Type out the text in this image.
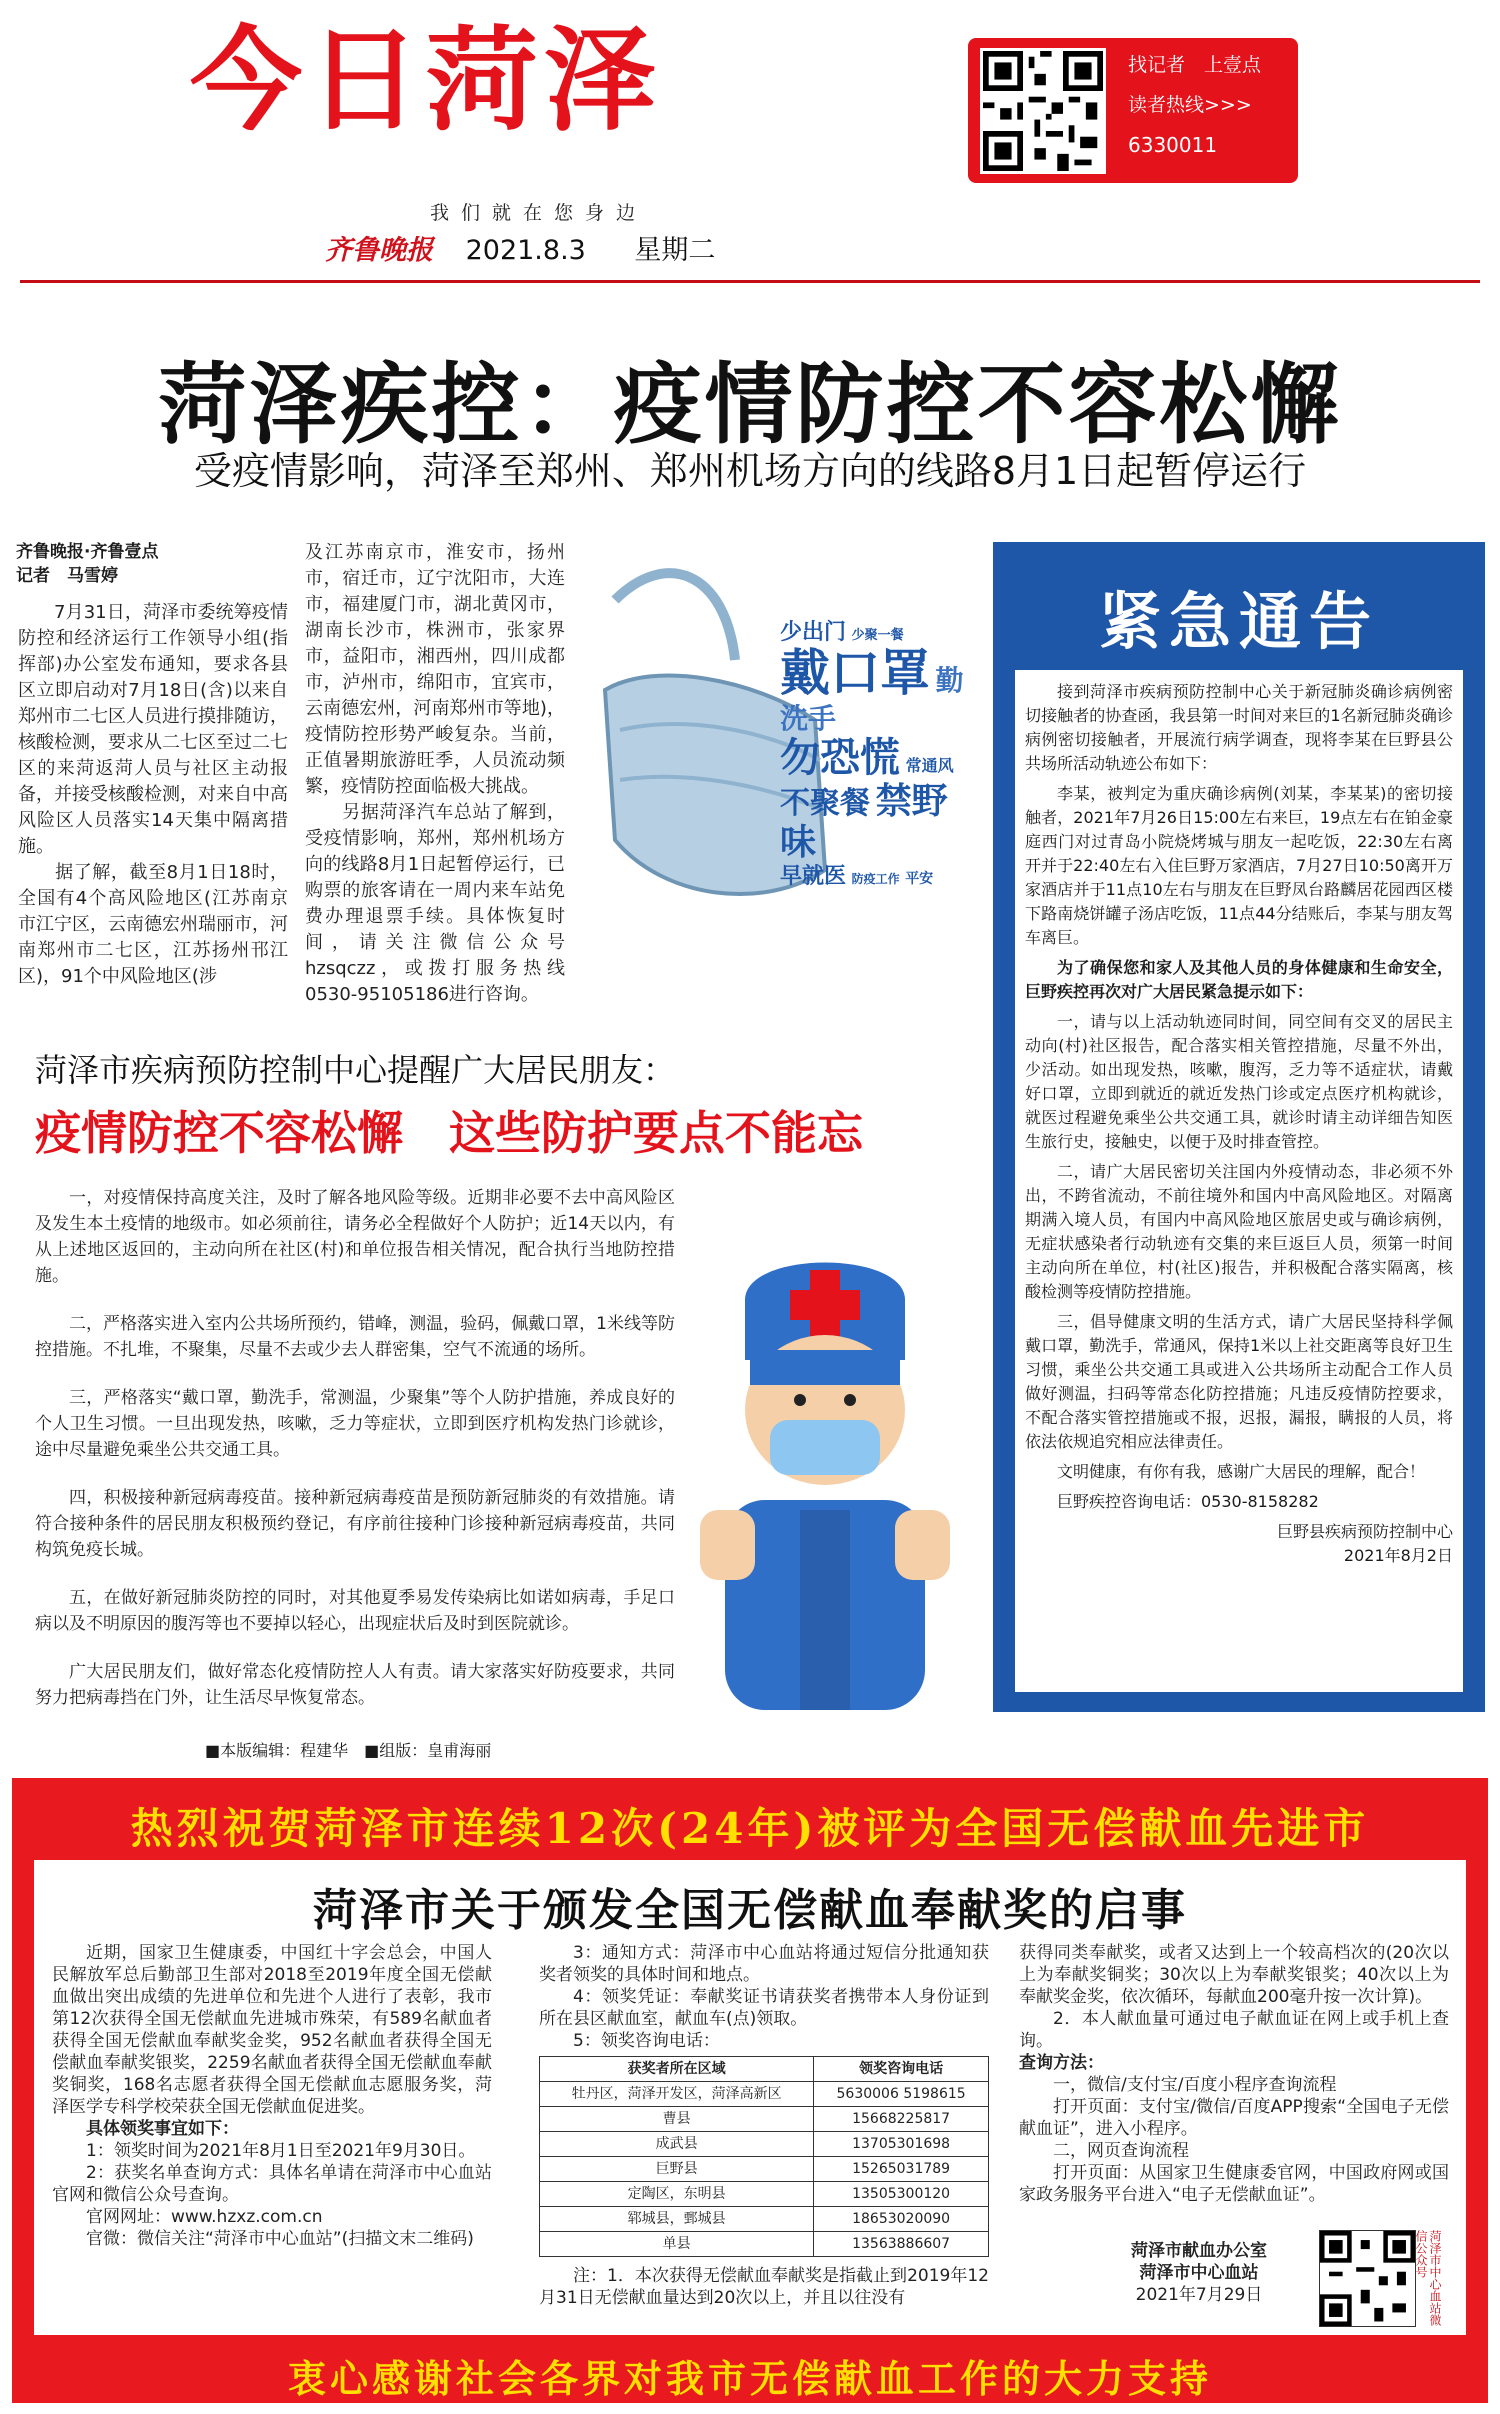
今日菏泽
我们就在您身边
齐鲁晚报 2021.8.3 星期二
找记者　上壹点
读者热线>>>
6330011
菏泽疾控：疫情防控不容松懈
受疫情影响，菏泽至郑州、郑州机场方向的线路8月1日起暂停运行
齐鲁晚报·齐鲁壹点
记者　马雪婷
7月31日，菏泽市委统筹疫情防控和经济运行工作领导小组(指挥部)办公室发布通知，要求各县区立即启动对7月18日(含)以来自郑州市二七区人员进行摸排随访，核酸检测，要求从二七区至过二七区的来菏返菏人员与社区主动报备，并接受核酸检测，对来自中高风险区人员落实14天集中隔离措施。
　　据了解，截至8月1日18时，全国有4个高风险地区(江苏南京市江宁区，云南德宏州瑞丽市，河南郑州市二七区，江苏扬州邗江区)，91个中风险地区(涉
及江苏南京市，淮安市，扬州市，宿迁市，辽宁沈阳市，大连市，福建厦门市，湖北黄冈市，湖南长沙市，株洲市，张家界市，益阳市，湘西州，四川成都市，泸州市，绵阳市，宜宾市，云南德宏州，河南郑州市等地)，疫情防控形势严峻复杂。当前，正值暑期旅游旺季，人员流动频繁，疫情防控面临极大挑战。
　　另据菏泽汽车总站了解到，受疫情影响，郑州，郑州机场方向的线路8月1日起暂停运行，已购票的旅客请在一周内来车站免费办理退票手续。具体恢复时间，请关注微信公众号hzsqczz，或拨打服务热线0530-95105186进行咨询。
少出门 少聚一餐
戴口罩 勤洗手
勿恐慌 常通风
不聚餐 禁野味
早就医 防疫工作 平安
菏泽市疾病预防控制中心提醒广大居民朋友：
疫情防控不容松懈　这些防护要点不能忘

一，对疫情保持高度关注，及时了解各地风险等级。近期非必要不去中高风险区及发生本土疫情的地级市。如必须前往，请务必全程做好个人防护；近14天以内，有从上述地区返回的，主动向所在社区(村)和单位报告相关情况，配合执行当地防控措施。

二，严格落实进入室内公共场所预约，错峰，测温，验码，佩戴口罩，1米线等防控措施。不扎堆，不聚集，尽量不去或少去人群密集，空气不流通的场所。

三，严格落实“戴口罩，勤洗手，常测温，少聚集”等个人防护措施，养成良好的个人卫生习惯。一旦出现发热，咳嗽，乏力等症状，立即到医疗机构发热门诊就诊，途中尽量避免乘坐公共交通工具。

四，积极接种新冠病毒疫苗。接种新冠病毒疫苗是预防新冠肺炎的有效措施。请符合接种条件的居民朋友积极预约登记，有序前往接种门诊接种新冠病毒疫苗，共同构筑免疫长城。

五，在做好新冠肺炎防控的同时，对其他夏季易发传染病比如诺如病毒，手足口病以及不明原因的腹泻等也不要掉以轻心，出现症状后及时到医院就诊。

广大居民朋友们，做好常态化疫情防控人人有责。请大家落实好防疫要求，共同努力把病毒挡在门外，让生活尽早恢复常态。

■本版编辑：程建华　■组版：皇甫海丽
紧急通告

接到菏泽市疾病预防控制中心关于新冠肺炎确诊病例密切接触者的协查函，我县第一时间对来巨的1名新冠肺炎确诊病例密切接触者，开展流行病学调查，现将李某在巨野县公共场所活动轨迹公布如下：

李某，被判定为重庆确诊病例(刘某，李某某)的密切接触者，2021年7月26日15:00左右来巨，19点左右在铂金豪庭西门对过青岛小院烧烤城与朋友一起吃饭，22:30左右离开并于22:40左右入住巨野万家酒店，7月27日10:50离开万家酒店并于11点10左右与朋友在巨野凤台路麟居花园西区楼下路南烧饼罐子汤店吃饭，11点44分结账后，李某与朋友驾车离巨。

为了确保您和家人及其他人员的身体健康和生命安全，巨野疾控再次对广大居民紧急提示如下：

一，请与以上活动轨迹同时间，同空间有交叉的居民主动向(村)社区报告，配合落实相关管控措施，尽量不外出，少活动。如出现发热，咳嗽，腹泻，乏力等不适症状，请戴好口罩，立即到就近的就近发热门诊或定点医疗机构就诊，就医过程避免乘坐公共交通工具，就诊时请主动详细告知医生旅行史，接触史，以便于及时排查管控。

二，请广大居民密切关注国内外疫情动态，非必须不外出，不跨省流动，不前往境外和国内中高风险地区。对隔离期满入境人员，有国内中高风险地区旅居史或与确诊病例，无症状感染者行动轨迹有交集的来巨返巨人员，须第一时间主动向所在单位，村(社区)报告，并积极配合落实隔离，核酸检测等疫情防控措施。

三，倡导健康文明的生活方式，请广大居民坚持科学佩戴口罩，勤洗手，常通风，保持1米以上社交距离等良好卫生习惯，乘坐公共交通工具或进入公共场所主动配合工作人员做好测温，扫码等常态化防控措施；凡违反疫情防控要求，不配合落实管控措施或不报，迟报，漏报，瞒报的人员，将依法依规追究相应法律责任。

文明健康，有你有我，感谢广大居民的理解，配合！

巨野疾控咨询电话：0530-8158282

巨野县疾病预防控制中心
2021年8月2日
热烈祝贺菏泽市连续12次(24年)被评为全国无偿献血先进市
菏泽市关于颁发全国无偿献血奉献奖的启事
近期，国家卫生健康委，中国红十字会总会，中国人民解放军总后勤部卫生部对2018至2019年度全国无偿献血做出突出成绩的先进单位和先进个人进行了表彰，我市第12次获得全国无偿献血先进城市殊荣，有589名献血者获得全国无偿献血奉献奖金奖，952名献血者获得全国无偿献血奉献奖银奖，2259名献血者获得全国无偿献血奉献奖铜奖，168名志愿者获得全国无偿献血志愿服务奖，菏泽医学专科学校荣获全国无偿献血促进奖。
具体领奖事宜如下：
1：领奖时间为2021年8月1日至2021年9月30日。
2：获奖名单查询方式：具体名单请在菏泽市中心血站官网和微信公众号查询。
官网网址：www.hzxz.com.cn
官微：微信关注“菏泽市中心血站”(扫描文末二维码)
3：通知方式：菏泽市中心血站将通过短信分批通知获奖者领奖的具体时间和地点。
4：领奖凭证：奉献奖证书请获奖者携带本人身份证到所在县区献血室，献血车(点)领取。
5：领奖咨询电话：
获奖者所在区域	领奖咨询电话
牡丹区，菏泽开发区，菏泽高新区	5630006 5198615
曹县	15668225817
成武县	13705301698
巨野县	15265031789
定陶区，东明县	13505300120
郓城县，鄄城县	18653020090
单县	13563886607
注：1．本次获得无偿献血奉献奖是指截止到2019年12月31日无偿献血量达到20次以上，并且以往没有
获得同类奉献奖，或者又达到上一个较高档次的(20次以上为奉献奖铜奖；30次以上为奉献奖银奖；40次以上为奉献奖金奖，依次循环，每献血200毫升按一次计算)。
2．本人献血量可通过电子献血证在网上或手机上查询。
查询方法：
一，微信/支付宝/百度小程序查询流程
打开页面：支付宝/微信/百度APP搜索“全国电子无偿献血证”，进入小程序。
二，网页查询流程
打开页面：从国家卫生健康委官网，中国政府网或国家政务服务平台进入“电子无偿献血证”。
菏泽市献血办公室
菏泽市中心血站
2021年7月29日	菏泽市中心血站微信公众号
衷心感谢社会各界对我市无偿献血工作的大力支持
